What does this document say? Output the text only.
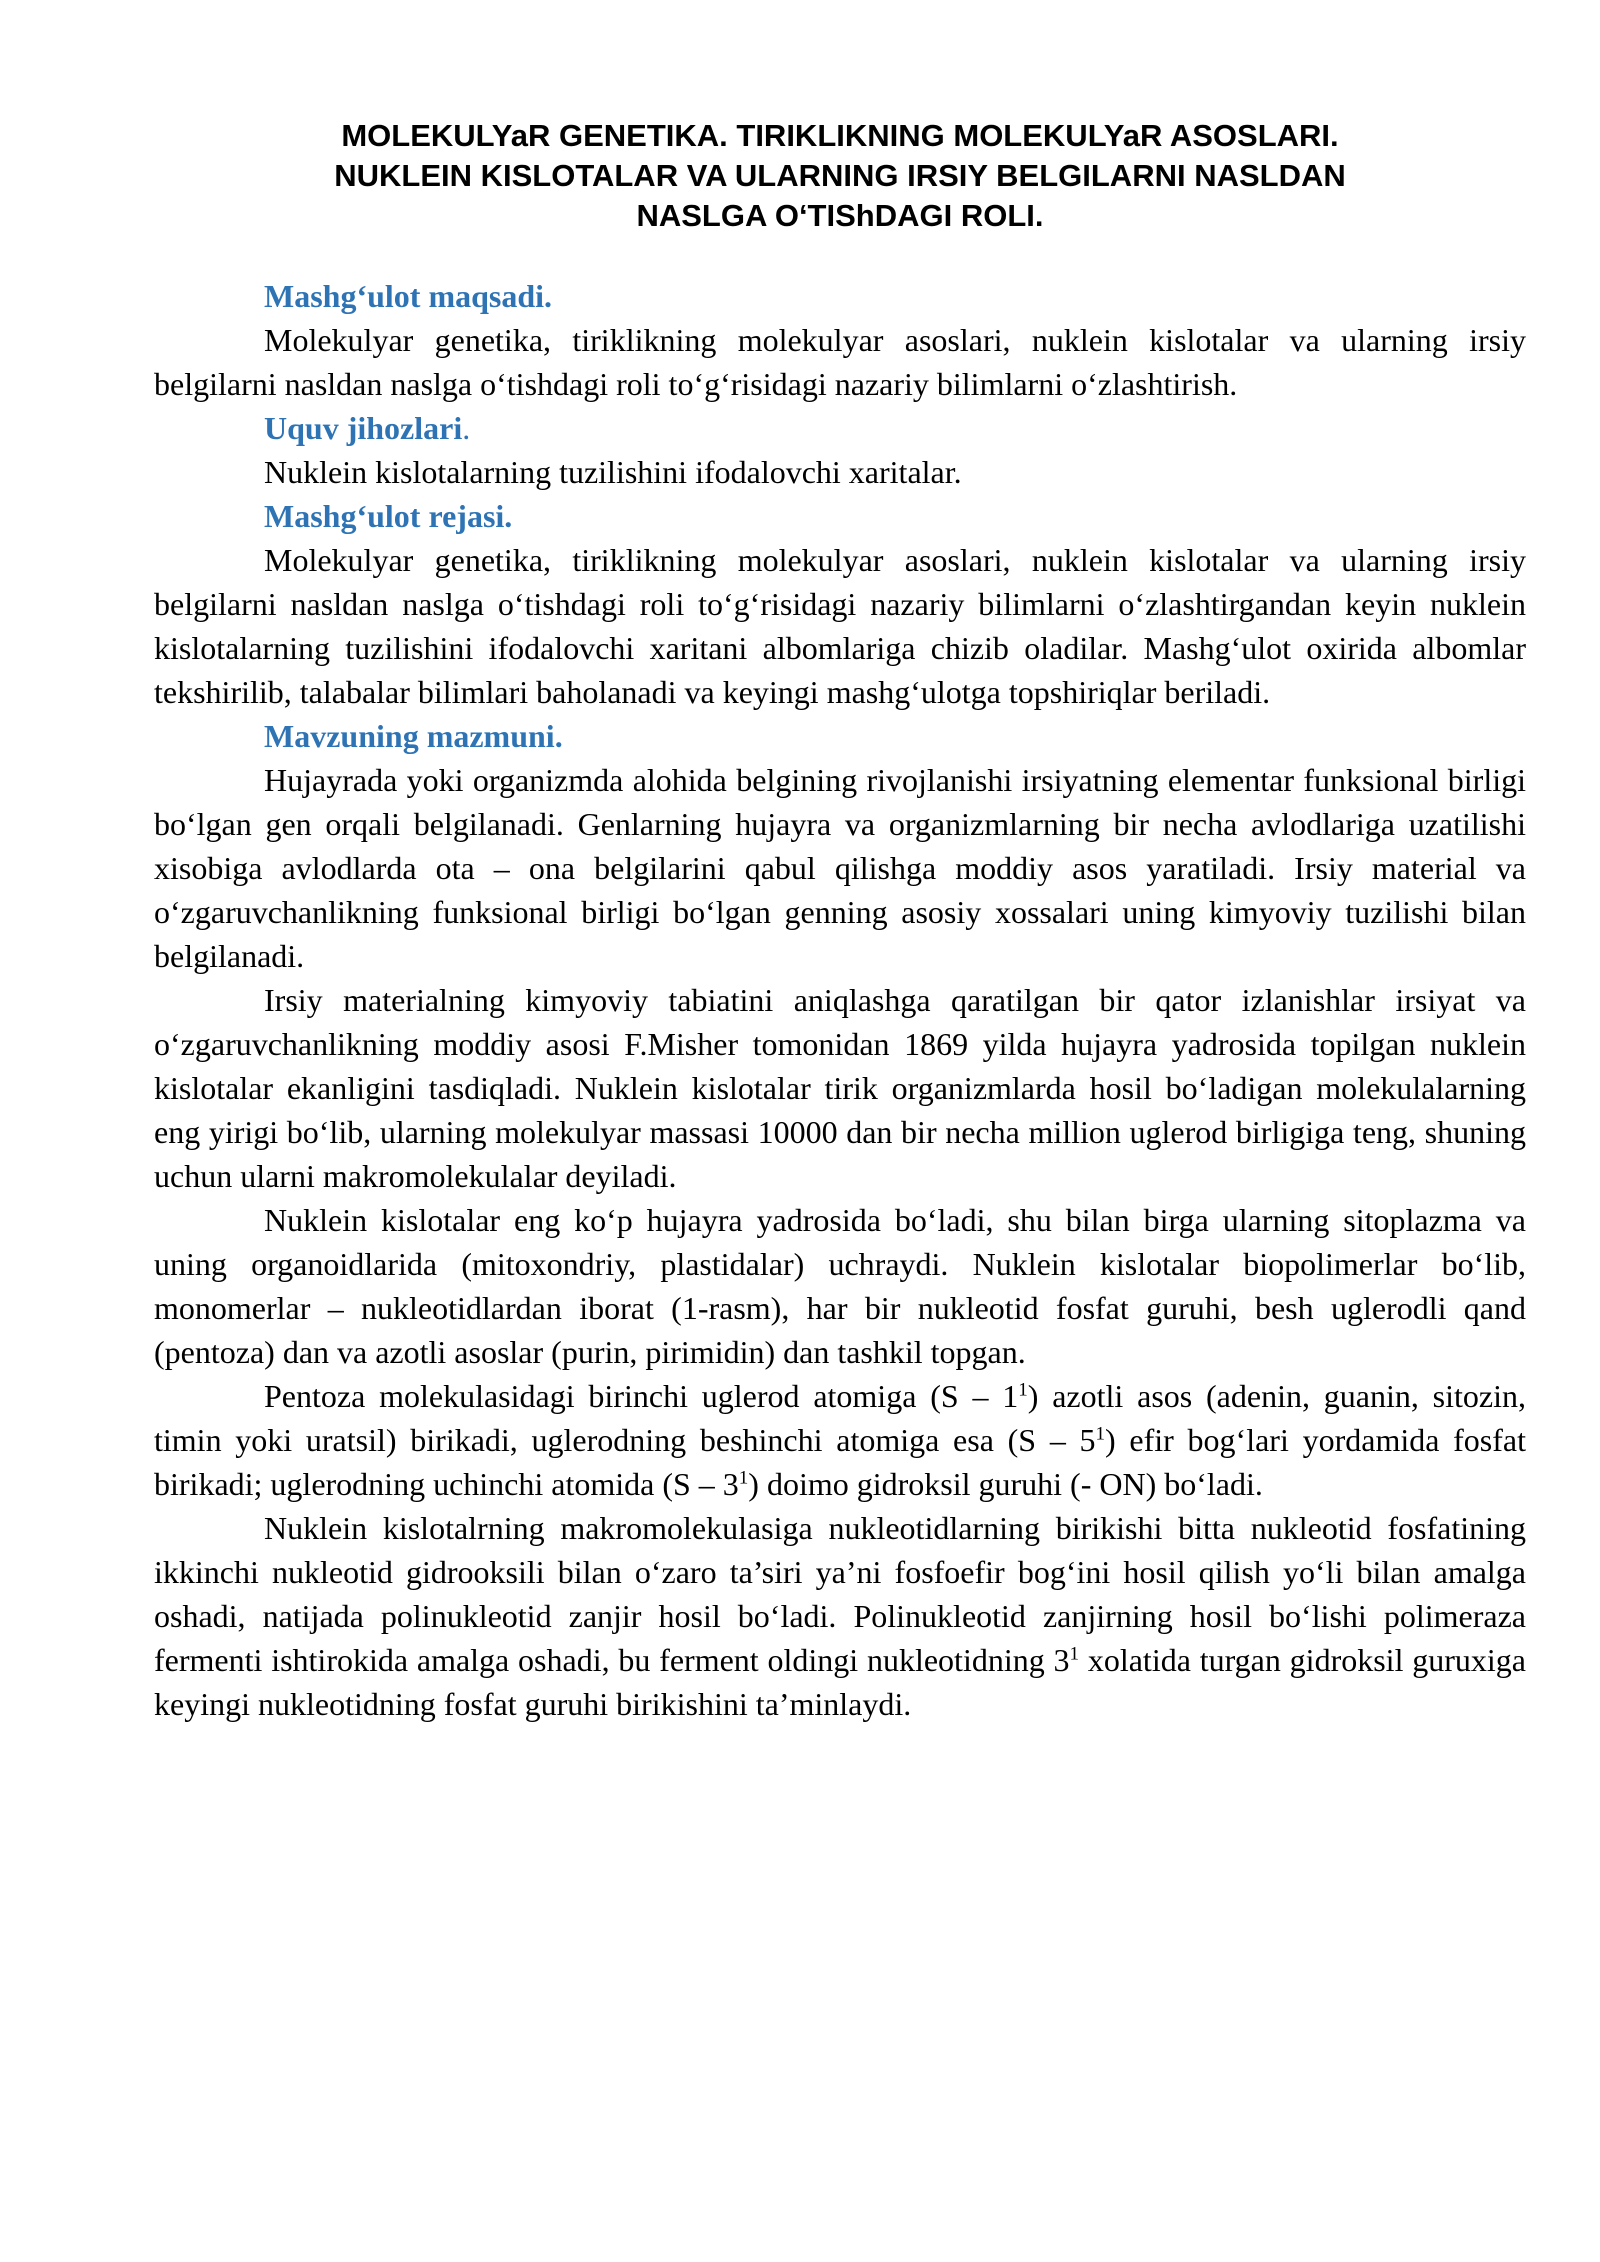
MOLEKULYaR GENETIKA. TIRIKLIKNING MOLEKULYaR ASOSLARI.
NUKLEIN KISLOTALAR VA ULARNING IRSIY BELGILARNI NASLDAN
NASLGA O‘TIShDAGI ROLI.
Mashg‘ulot maqsadi.

Molekulyar genetika, tiriklikning molekulyar asoslari, nuklein kislotalar va ularning irsiy belgilarni nasldan naslga o‘tishdagi roli to‘g‘risidagi nazariy bilimlarni o‘zlashtirish.

Uquv jihozlari.

Nuklein kislotalarning tuzilishini ifodalovchi xaritalar.

Mashg‘ulot rejasi.

Molekulyar genetika, tiriklikning molekulyar asoslari, nuklein kislotalar va ularning irsiy belgilarni nasldan naslga o‘tishdagi roli to‘g‘risidagi nazariy bilimlarni o‘zlashtirgandan keyin nuklein kislotalarning tuzilishini ifodalovchi xaritani albomlariga chizib oladilar. Mashg‘ulot oxirida albomlar tekshirilib, talabalar bilimlari baholanadi va keyingi mashg‘ulotga topshiriqlar beriladi.

Mavzuning mazmuni.

Hujayrada yoki organizmda alohida belgining rivojlanishi irsiyatning elementar funksional birligi bo‘lgan gen orqali belgilanadi. Genlarning hujayra va organizmlarning bir necha avlodlariga uzatilishi xisobiga avlodlarda ota – ona belgilarini qabul qilishga moddiy asos yaratiladi. Irsiy material va o‘zgaruvchanlikning funksional birligi bo‘lgan genning asosiy xossalari uning kimyoviy tuzilishi bilan belgilanadi.

Irsiy materialning kimyoviy tabiatini aniqlashga qaratilgan bir qator izlanishlar irsiyat va o‘zgaruvchanlikning moddiy asosi F.Misher tomonidan 1869 yilda hujayra yadrosida topilgan nuklein kislotalar ekanligini tasdiqladi. Nuklein kislotalar tirik organizmlarda hosil bo‘ladigan molekulalarning eng yirigi bo‘lib, ularning molekulyar massasi 10000 dan bir necha million uglerod birligiga teng, shuning uchun ularni makromolekulalar deyiladi.

Nuklein kislotalar eng ko‘p hujayra yadrosida bo‘ladi, shu bilan birga ularning sitoplazma va uning organoidlarida (mitoxondriy, plastidalar) uchraydi. Nuklein kislotalar biopolimerlar bo‘lib, monomerlar – nukleotidlardan iborat (1-rasm), har bir nukleotid fosfat guruhi, besh uglerodli qand (pentoza) dan va azotli asoslar (purin, pirimidin) dan tashkil topgan.

Pentoza molekulasidagi birinchi uglerod atomiga $(S - 1^1)$ azotli asos (adenin, guanin, sitozin, timin yoki uratsil) birikadi, uglerodning beshinchi atomiga esa $(S - 5^1)$ efir bog‘lari yordamida fosfat birikadi; uglerodning uchinchi atomida $(S - 3^1)$ doimo gidroksil guruhi (- ON) bo‘ladi.

Nuklein kislotalrning makromolekulasiga nukleotidlarning birikishi bitta nukleotid fosfatining ikkinchi nukleotid gidrooksili bilan o‘zaro ta’siri ya’ni fosfoefir bog‘ini hosil qilish yo‘li bilan amalga oshadi, natijada polinukleotid zanjir hosil bo‘ladi. Polinukleotid zanjirning hosil bo‘lishi polimeraza fermenti ishtirokida amalga oshadi, bu ferment oldingi nukleotidning $3^1$ xolatida turgan gidroksil guruxiga keyingi nukleotidning fosfat guruhi birikishini ta’minlaydi.
